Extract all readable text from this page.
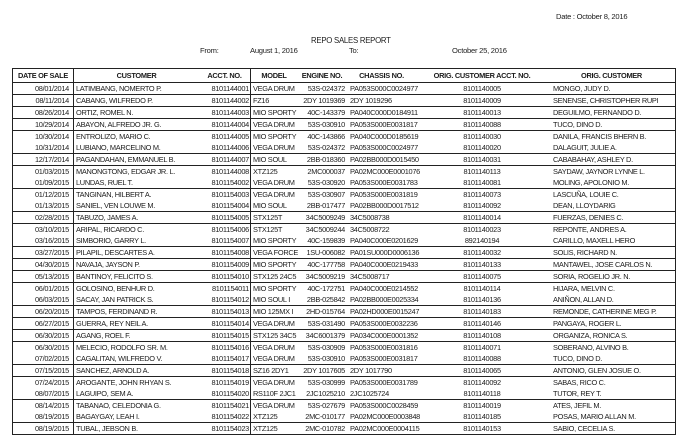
Date : October 8, 2016
REPO SALES REPORT
From:	August 1, 2016	To:	October 25, 2016
DATE OF SALE	CUSTOMER	ACCT. NO.	MODEL	ENGINE NO.	CHASSIS NO.	ORIG. CUSTOMER ACCT. NO.	ORIG. CUSTOMER
08/01/2014	LATIMBANG, NOMERTO P.	8101144001	VEGA DRUM	53S-024372	PA053S000C0024977	8101140005	MONGO, JUDY D.
08/11/2014	CABANG, WILFREDO P.	8101144002	FZ16	2DY 1019369	2DY 1019296	8101140009	SENENSE, CHRISTOPHER RUPI
08/26/2014	ORTIZ, ROMEL N.	8101144003	MIO SPORTY	40C-143379	PA040C000D0184911	8101140013	DEGUILMO, FERNANDO D.
10/29/2014	ABAYON, ALFREDO JR. G.	8101144004	VEGA DRUM	53S-030910	PA053S000E0031817	8101140088	TUCO, DINO D.
10/30/2014	ENTROLIZO, MARIO C.	8101144005	MIO SPORTY	40C-143866	PA040C000D0185619	8101140030	DANILA, FRANCIS BHERN B.
10/31/2014	LUBIANO, MARCELINO M.	8101144006	VEGA DRUM	53S-024372	PA053S000C0024977	8101140020	DALAGUIT, JULIE A.
12/17/2014	PAGANDAHAN, EMMANUEL B.	8101144007	MIO SOUL	2BB-018360	PA02BB000D0015450	8101140031	CABABAHAY, ASHLEY D.
01/03/2015	MANONGTONG, EDGAR JR. L.	8101144008	XTZ125	2MC000037	PA02MC000E0001076	8101140113	SAYDAW, JAYNOR LYNNE L.
01/09/2015	LUNDAS, RUEL T.	8101154002	VEGA DRUM	53S-030920	PA053S000E0031783	8101140081	MOLING, APOLONIO M.
01/12/2015	TANGINAN, HILBERT A.	8101154003	VEGA DRUM	53S-030907	PA053S000E0031819	8101140073	LASCUÑA, LOUIE C.
01/13/2015	SANIEL, VEN LOUWE M.	8101154004	MIO SOUL	2BB-017477	PA02BB000D0017512	8101140092	DEAN, LLOYDARIG
02/28/2015	TABUZO, JAMES A.	8101154005	STX125T	34C5009249	34C5008738	8101140014	FUERZAS, DENIES C.
03/10/2015	ARIPAL, RICARDO C.	8101154006	STX125T	34C5009244	34C5008722	8101140023	REPONTE, ANDRES A.
03/16/2015	SIMBORIO, GARRY L.	8101154007	MIO SPORTY	40C-159839	PA040C000E0201629	892140194	CARILLO, MAXELL HERO
03/27/2015	PILAPIL, DESCARTES A.	8101154008	VEGA FORCE	1SU-006082	PA01SU000D0006136	8101140032	SOLIS, RICHARD N.
04/30/2015	NAVAJA, JAYSON P.	8101154009	MIO SPORTY	40C-177758	PA040C000E0219433	8101140133	MANTAWEL, JOSE CARLOS N.
05/13/2015	BANTINOY, FELICITO S.	8101154010	STX125 24C5	34C5009219	34C5008717	8101140075	SORIA, ROGELIO JR. N.
06/01/2015	GOLOSINO, BENHUR D.	8101154011	MIO SPORTY	40C-172751	PA040C000E0214552	8101140114	HIJARA, MELVIN C.
06/03/2015	SACAY, JAN PATRICK S.	8101154012	MIO SOUL I	2BB-025842	PA02BB000E0025334	8101140136	ANIÑON, ALLAN D.
06/20/2015	TAMPOS, FERDINAND R.	8101154013	MIO 125MX I	2HD-015764	PA02HD000E0015247	8101140183	REMONDE, CATHERINE MEG P.
06/27/2015	GUERRA, REY NEIL A.	8101154014	VEGA DRUM	53S-031490	PA053S000E0032236	8101140146	PANGAYA, ROGER L.
06/30/2015	AGANG, ROEL F.	8101154015	STX125 34C5	34C6001379	PA034C000E0001352	8101140108	ORGANIZA, RONICA S.
06/30/2015	MELECIO, RODOLFO SR. M.	8101154016	VEGA DRUM	53S-030909	PA053S000E0031816	8101140071	SOBERANO, ALVINO B.
07/02/2015	CAGALITAN, WILFREDO V.	8101154017	VEGA DRUM	53S-030910	PA053S000E0031817	8101140088	TUCO, DINO D.
07/15/2015	SANCHEZ, ARNOLD A.	8101154018	SZ16 2DY1	2DY 1017605	2DY 1017790	8101140065	ANTONIO, GLEN JOSUE O.
07/24/2015	AROGANTE, JOHN RHYAN S.	8101154019	VEGA DRUM	53S-030999	PA053S000E0031789	8101140092	SABAS, RICO C.
08/07/2015	LAGUIPO, SEM A.	8101154020	RS110F 2JC1	2JC1025210	2JC1025724	8101140118	TUTOR, REY T.
08/14/2015	TABANAO, CELEDONIA G.	8101154021	VEGA DRUM	53S-027679	PA053S000C0028459	8101140019	ATES, JEFIL M.
08/19/2015	BAGAYGAY, LEAH I.	8101154022	XTZ125	2MC-010177	PA02MC000E0003848	8101140185	POSAS, MARIO ALLAN M.
08/19/2015	TUBAL, JEBSON B.	8101154023	XTZ125	2MC-010782	PA02MC000E0004115	8101140153	SABIO, CECELIA S.
